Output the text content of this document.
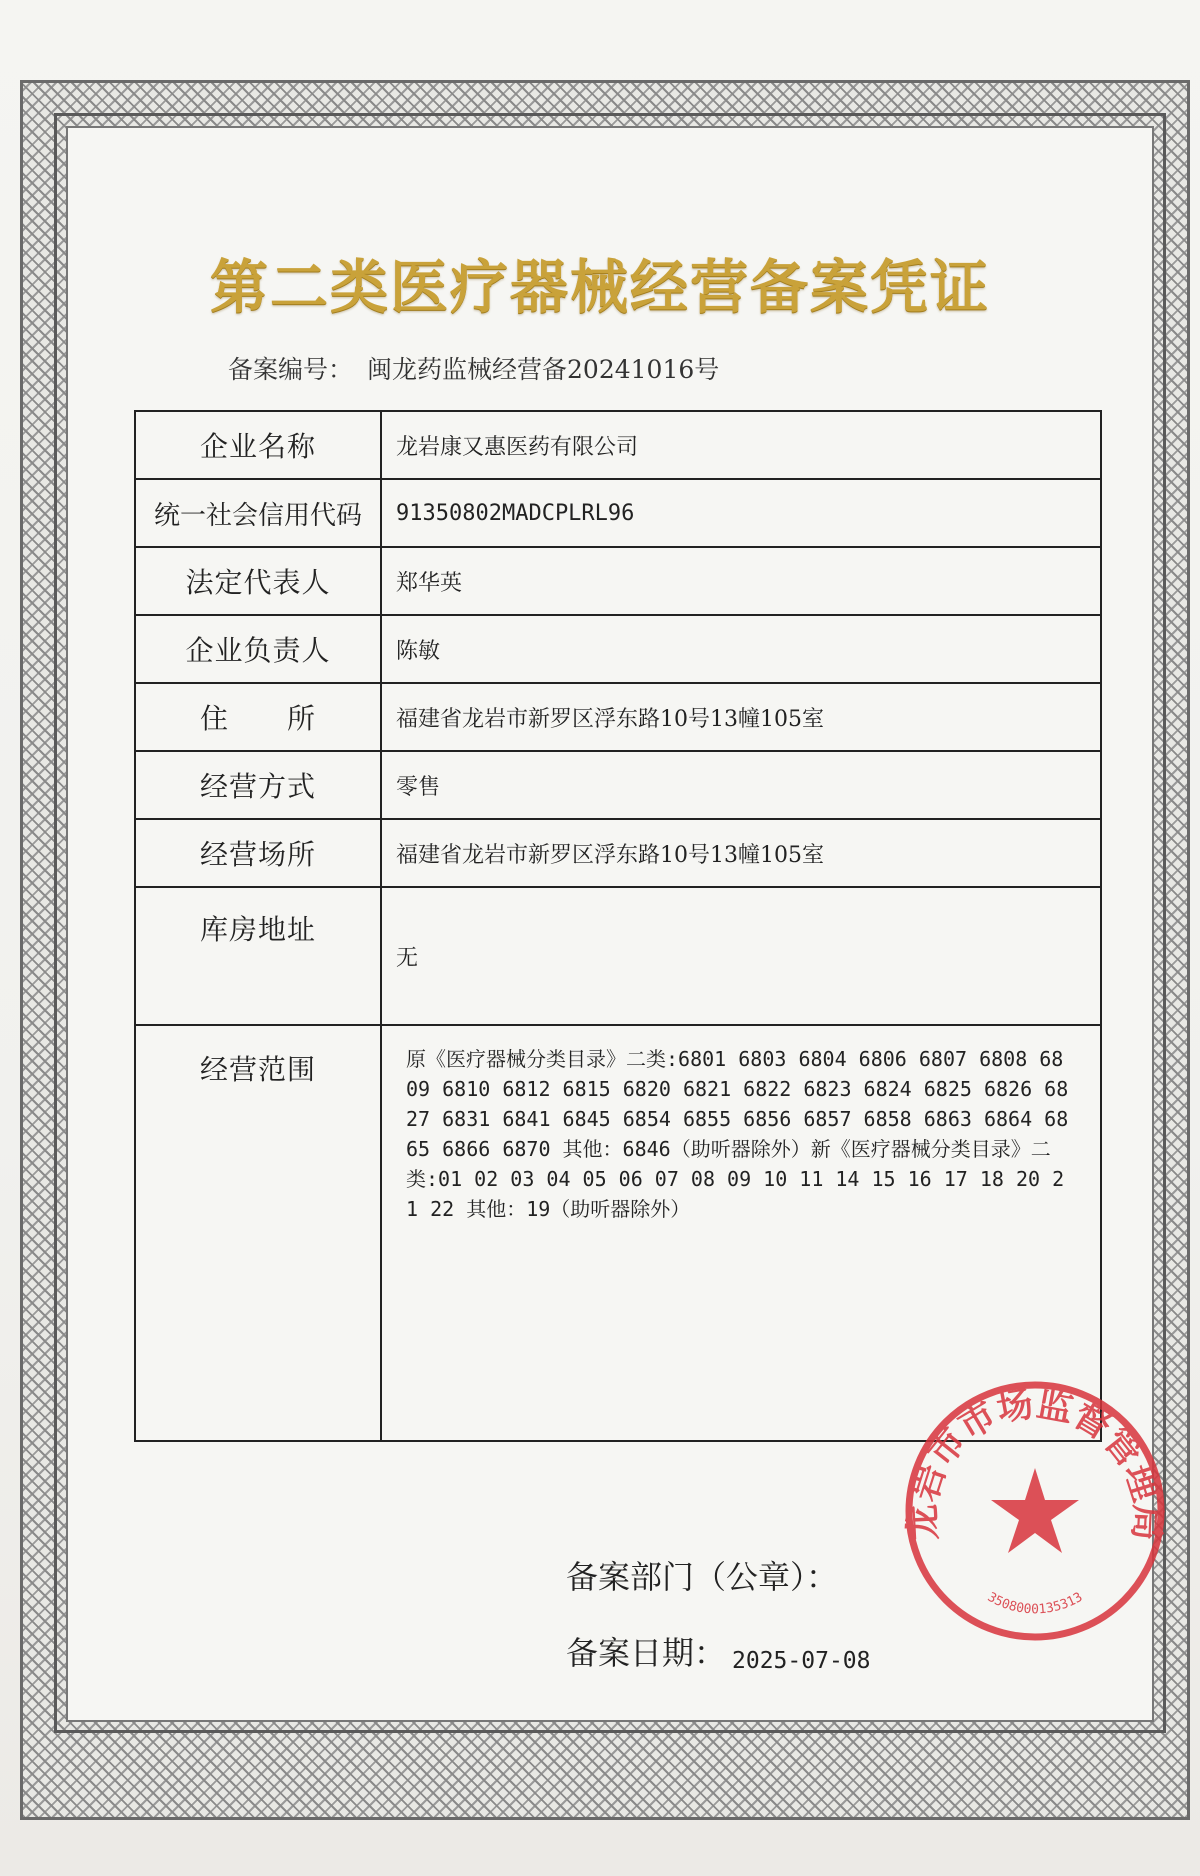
第二类医疗器械经营备案凭证
备案编号： 闽龙药监械经营备20241016号
企业名称	龙岩康又惠医药有限公司
统一社会信用代码	91350802MADCPLRL96
法定代表人	郑华英
企业负责人	陈敏
住　　所	福建省龙岩市新罗区浮东路10号13幢105室
经营方式	零售
经营场所	福建省龙岩市新罗区浮东路10号13幢105室
库房地址	无
经营范围	原《医疗器械分类目录》二类:6801 6803 6804 6806 6807 6808 6809 6810 6812 6815 6820 6821 6822 6823 6824 6825 6826 6827 6831 6841 6845 6854 6855 6856 6857 6858 6863 6864 6865 6866 6870 其他：6846（助听器除外）新《医疗器械分类目录》二类:01 02 03 04 05 06 07 08 09 10 11 14 15 16 17 18 20 21 22 其他：19（助听器除外）
备案部门（公章）：
备案日期： 2025-07-08
龙岩市市场监督管理局
3508000135313
